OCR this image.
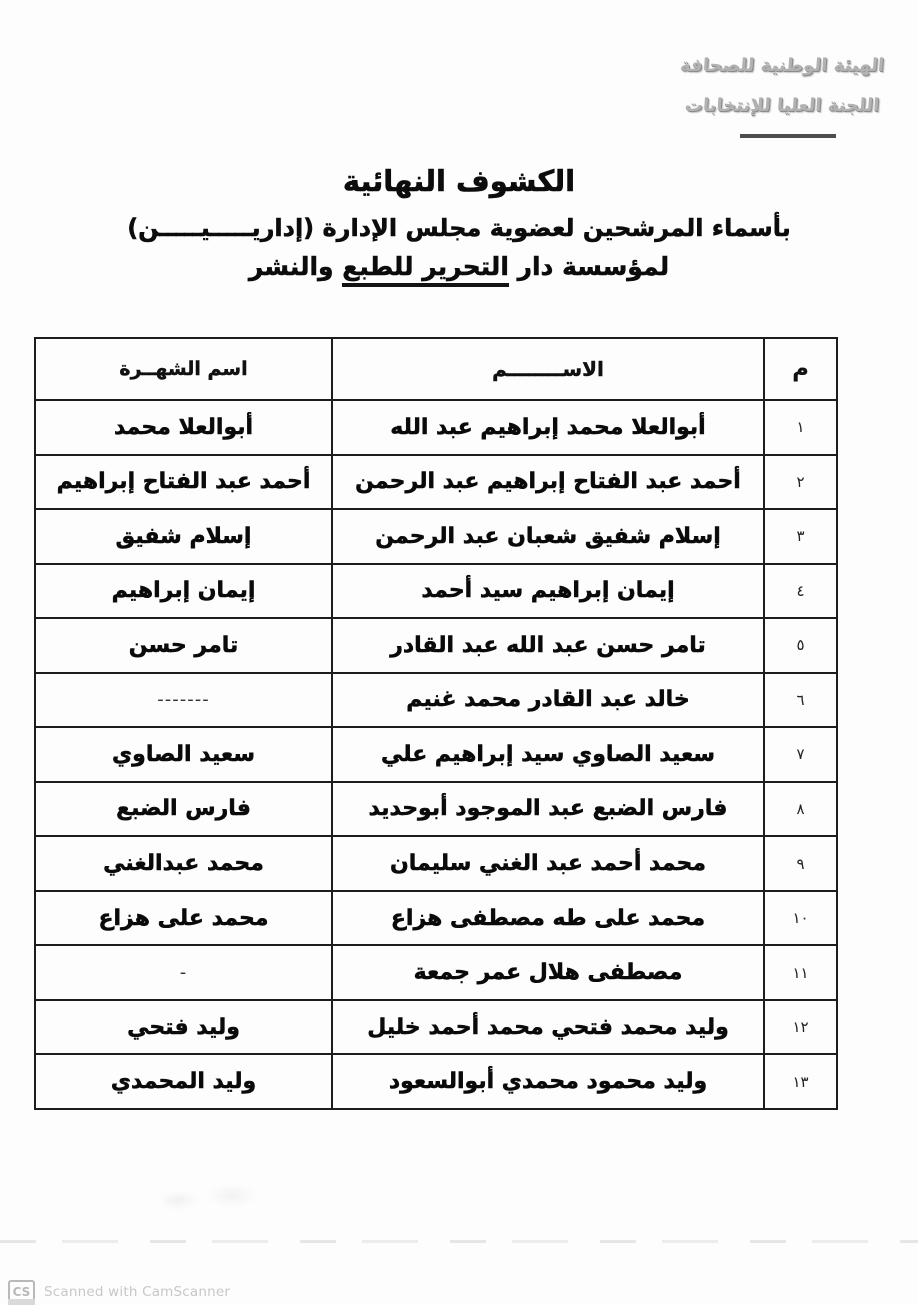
الهيئة الوطنية للصحافة
اللجنة العليا للإنتخابات
الكشوف النهائية
بأسماء المرشحين لعضوية مجلس الإدارة (إداريـــــيـــــن)
لمؤسسة دار التحرير للطبع والنشر
م	الاســــــــم	اسم الشهــرة
١	أبوالعلا محمد إبراهيم عبد الله	أبوالعلا محمد
٢	أحمد عبد الفتاح إبراهيم عبد الرحمن	أحمد عبد الفتاح إبراهيم
٣	إسلام شفيق شعبان عبد الرحمن	إسلام شفيق
٤	إيمان إبراهيم سيد أحمد	إيمان إبراهيم
٥	تامر حسن عبد الله عبد القادر	تامر حسن
٦	خالد عبد القادر محمد غنيم	-------
٧	سعيد الصاوي سيد إبراهيم علي	سعيد الصاوي
٨	فارس الضبع عبد الموجود أبوحديد	فارس الضبع
٩	محمد أحمد عبد الغني سليمان	محمد عبدالغني
١٠	محمد على طه مصطفى هزاع	محمد على هزاع
١١	مصطفى هلال عمر جمعة	-
١٢	وليد محمد فتحي محمد أحمد خليل	وليد فتحي
١٣	وليد محمود محمدي أبوالسعود	وليد المحمدي
CS	Scanned with CamScanner
